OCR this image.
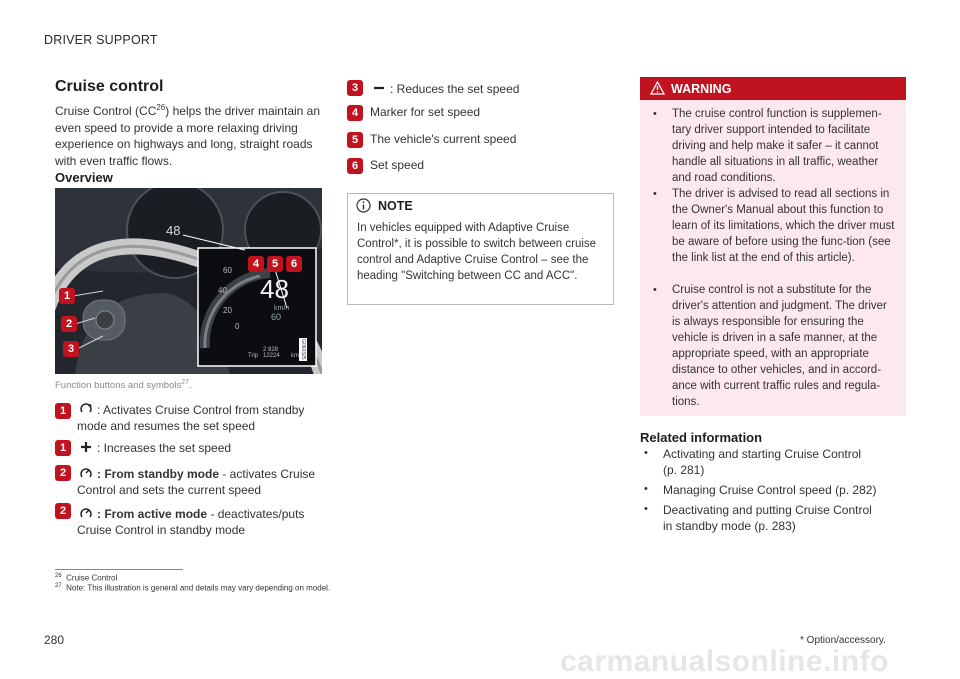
DRIVER SUPPORT
Cruise control
Cruise Control (CC$^{26}$) helps the driver maintain an even speed to provide a more relaxing driving experience on highways and long, straight roads with even traffic flows.
Overview
48
48
km/h
60
60
40
20
0
2 828
Trip 12224 km G060325
1
2
3
4	5	6
Function buttons and symbols$^{27}$.
1	: Activates Cruise Control from standby mode and resumes the set speed
1	: Increases the set speed
2	: From standby mode - activates Cruise Control and sets the current speed
2	: From active mode - deactivates/puts Cruise Control in standby mode
3	: Reduces the set speed
4 Marker for set speed
5 The vehicle's current speed
6 Set speed
NOTE
In vehicles equipped with Adaptive Cruise Control*, it is possible to switch between cruise control and Adaptive Cruise Control – see the heading "Switching between CC and ACC".
WARNING
• The cruise control function is supplemen-tary driver support intended to facilitate driving and help make it safer – it cannot handle all situations in all traffic, weather and road conditions.
• The driver is advised to read all sections in the Owner's Manual about this function to learn of its limitations, which the driver must be aware of before using the func-tion (see the link list at the end of this article).
• Cruise control is not a substitute for the driver's attention and judgment. The driver is always responsible for ensuring the vehicle is driven in a safe manner, at the appropriate speed, with an appropriate distance to other vehicles, and in accord-ance with current traffic rules and regula-tions.
Related information
• Activating and starting Cruise Control (p. 281)
• Managing Cruise Control speed (p. 282)
• Deactivating and putting Cruise Control in standby mode (p. 283)
$^{26}$ Cruise Control
$^{27}$ Note: This illustration is general and details may vary depending on model.
* Option/accessory.
280
carmanualsonline.info
